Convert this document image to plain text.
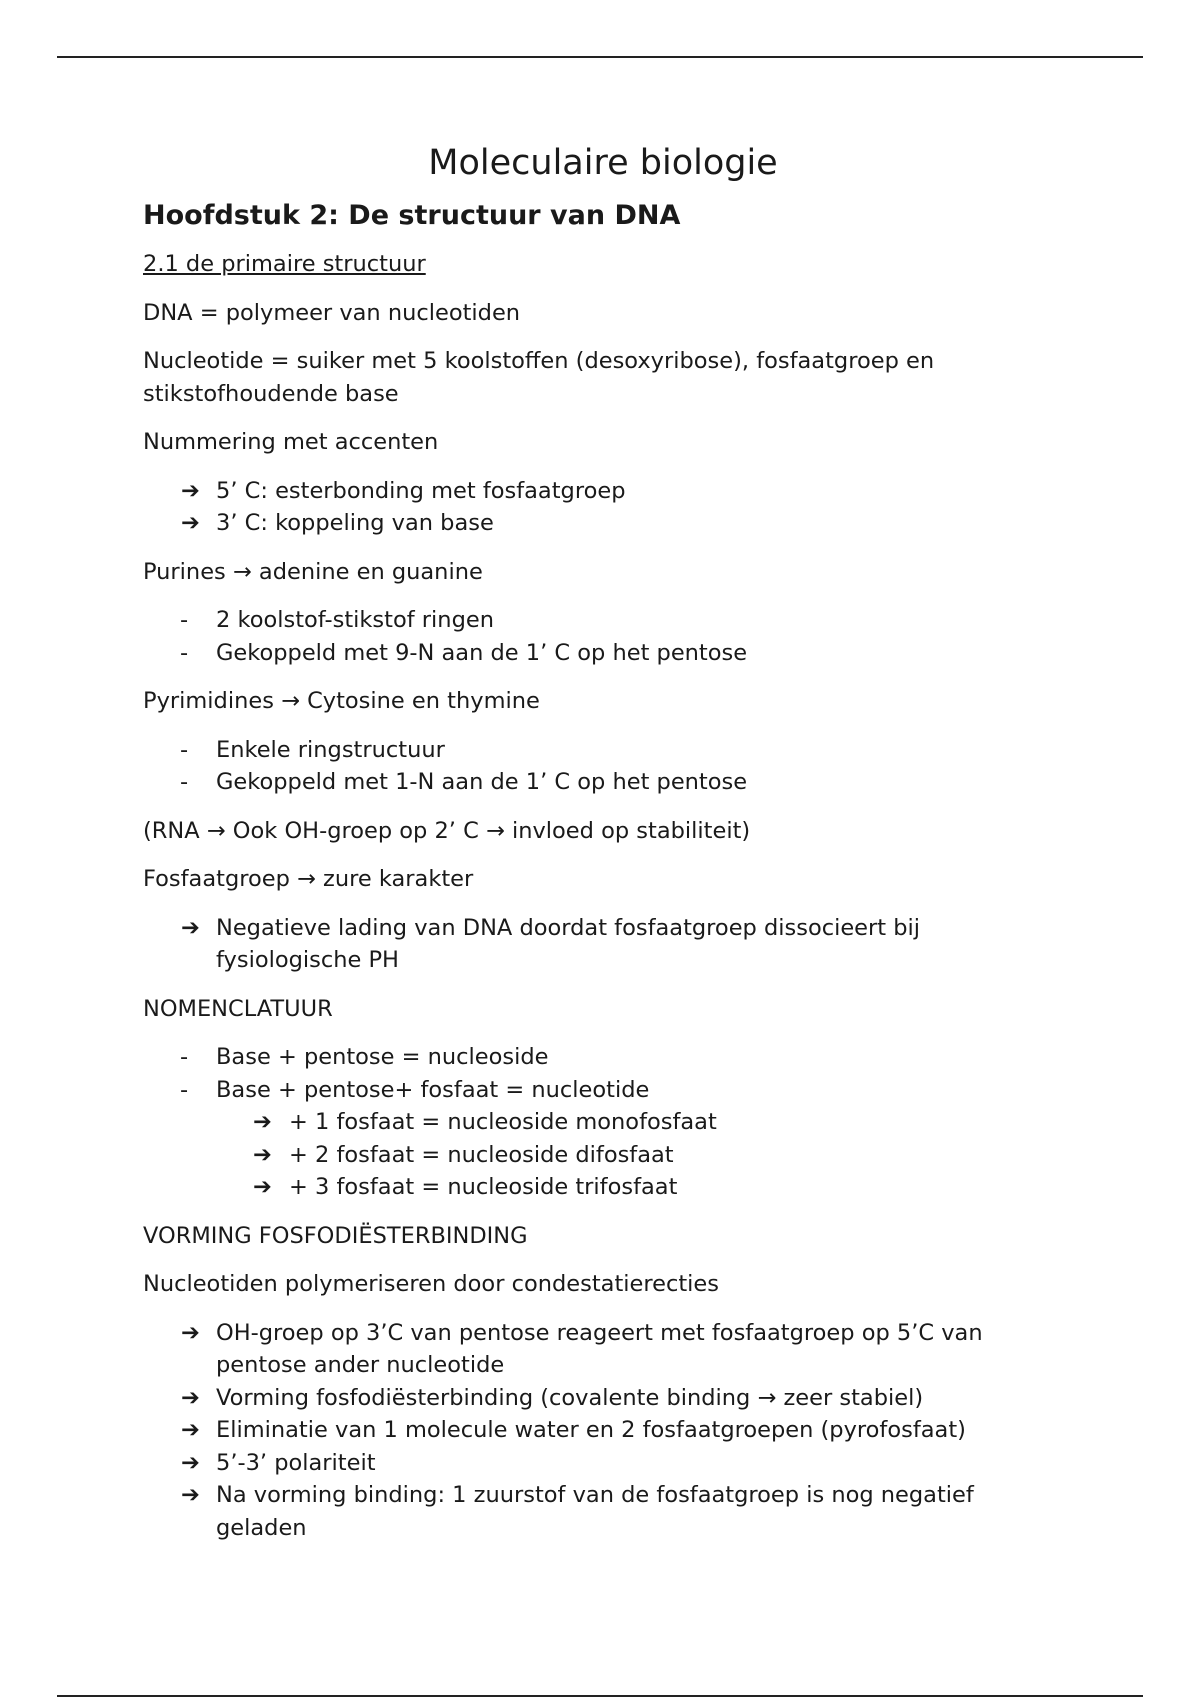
Moleculaire biologie
Hoofdstuk 2: De structuur van DNA
2.1 de primaire structuur
DNA = polymeer van nucleotiden
Nucleotide = suiker met 5 koolstoffen (desoxyribose), fosfaatgroep en stikstofhoudende base
Nummering met accenten
➔ 5’ C: esterbonding met fosfaatgroep
➔ 3’ C: koppeling van base
Purines → adenine en guanine
- 2 koolstof-stikstof ringen
- Gekoppeld met 9-N aan de 1’ C op het pentose
Pyrimidines → Cytosine en thymine
- Enkele ringstructuur
- Gekoppeld met 1-N aan de 1’ C op het pentose
(RNA → Ook OH-groep op 2’ C → invloed op stabiliteit)
Fosfaatgroep → zure karakter
➔ Negatieve lading van DNA doordat fosfaatgroep dissocieert bij fysiologische PH
NOMENCLATUUR
- Base + pentose = nucleoside
- Base + pentose+ fosfaat = nucleotide
➔ + 1 fosfaat = nucleoside monofosfaat
➔ + 2 fosfaat = nucleoside difosfaat
➔ + 3 fosfaat = nucleoside trifosfaat
VORMING FOSFODIËSTERBINDING
Nucleotiden polymeriseren door condestatierecties
➔ OH-groep op 3’C van pentose reageert met fosfaatgroep op 5’C van pentose ander nucleotide
➔ Vorming fosfodiësterbinding (covalente binding → zeer stabiel)
➔ Eliminatie van 1 molecule water en 2 fosfaatgroepen (pyrofosfaat)
➔ 5’-3’ polariteit
➔ Na vorming binding: 1 zuurstof van de fosfaatgroep is nog negatief geladen
